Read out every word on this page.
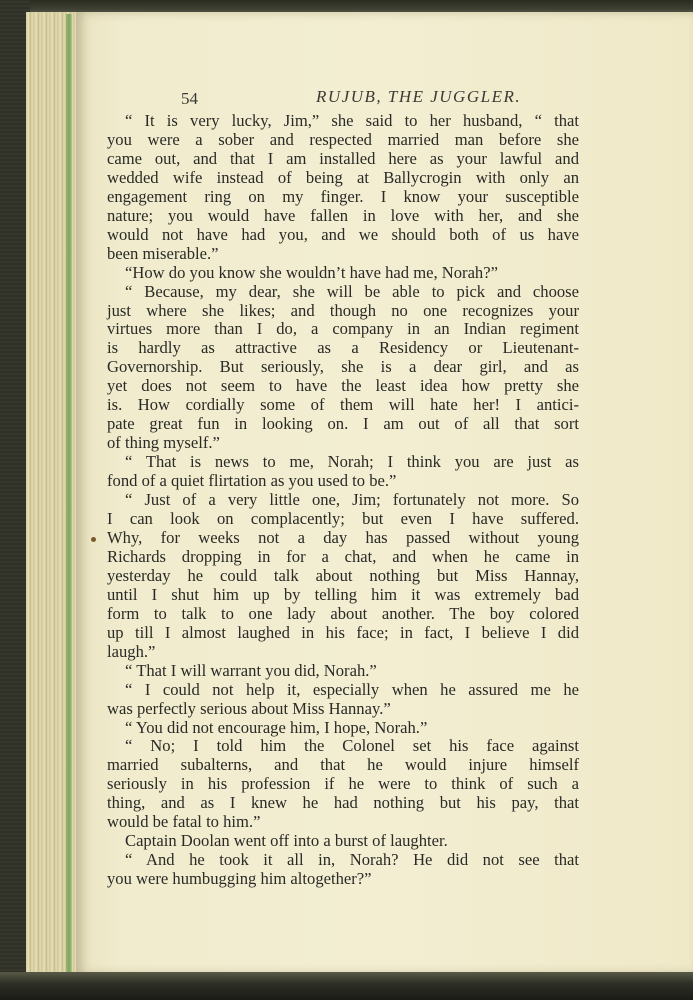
54	RUJUB, THE JUGGLER.
“ It is very lucky, Jim,” she said to her husband, “ that
you were a sober and respected married man before she
came out, and that I am installed here as your lawful and
wedded wife instead of being at Ballycrogin with only an
engagement ring on my finger. I know your susceptible
nature; you would have fallen in love with her, and she
would not have had you, and we should both of us have
been miserable.”
“How do you know she wouldn’t have had me, Norah?”
“ Because, my dear, she will be able to pick and choose
just where she likes; and though no one recognizes your
virtues more than I do, a company in an Indian regiment
is hardly as attractive as a Residency or Lieutenant-
Governorship. But seriously, she is a dear girl, and as
yet does not seem to have the least idea how pretty she
is. How cordially some of them will hate her! I antici-
pate great fun in looking on. I am out of all that sort
of thing myself.”
“ That is news to me, Norah; I think you are just as
fond of a quiet flirtation as you used to be.”
“ Just of a very little one, Jim; fortunately not more. So
I can look on complacently; but even I have suffered.
Why, for weeks not a day has passed without young
Richards dropping in for a chat, and when he came in
yesterday he could talk about nothing but Miss Hannay,
until I shut him up by telling him it was extremely bad
form to talk to one lady about another. The boy colored
up till I almost laughed in his face; in fact, I believe I did
laugh.”
“ That I will warrant you did, Norah.”
“ I could not help it, especially when he assured me he
was perfectly serious about Miss Hannay.”
“ You did not encourage him, I hope, Norah.”
“ No; I told him the Colonel set his face against
married subalterns, and that he would injure himself
seriously in his profession if he were to think of such a
thing, and as I knew he had nothing but his pay, that
would be fatal to him.”
Captain Doolan went off into a burst of laughter.
“ And he took it all in, Norah? He did not see that
you were humbugging him altogether?”
